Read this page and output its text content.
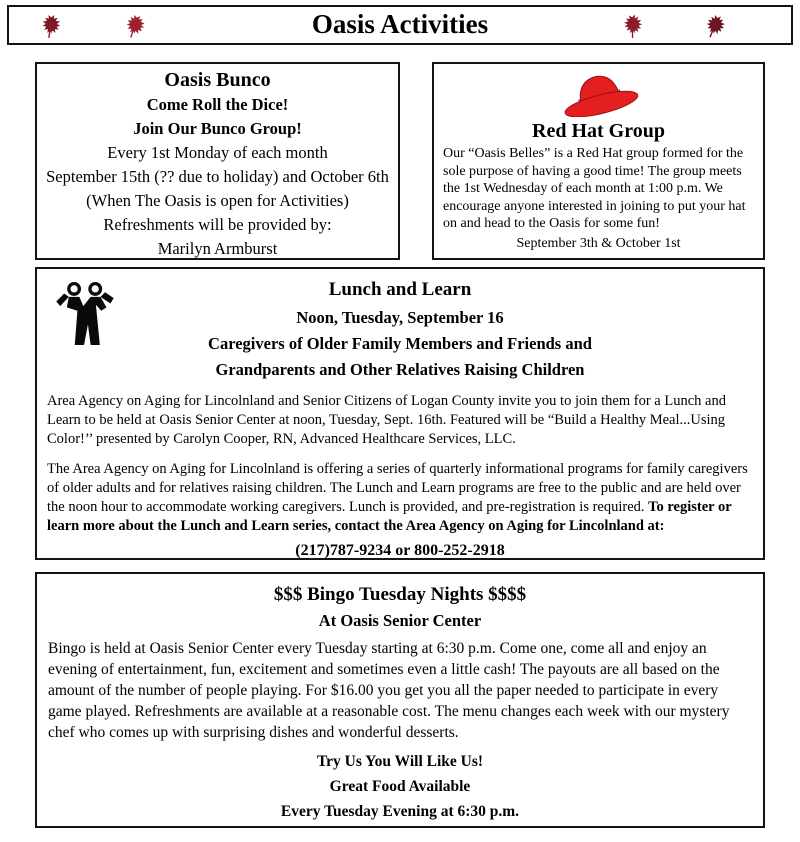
Oasis Activities
Oasis Bunco

Come Roll the Dice!

Join Our Bunco Group!

Every 1st Monday of each month

September 15th (?? due to holiday) and October 6th

(When The Oasis is open for Activities)

Refreshments will be provided by:

Marilyn Armburst

Red Hat Group

Our “Oasis Belles” is a Red Hat group formed for the sole purpose of having a good time! The group meets the 1st Wednesday of each month at 1:00 p.m. We encourage anyone interested in joining to put your hat on and head to the Oasis for some fun!

September 3th & October 1st

Lunch and Learn

Noon, Tuesday, September 16

Caregivers of Older Family Members and Friends and

Grandparents and Other Relatives Raising Children

Area Agency on Aging for Lincolnland and Senior Citizens of Logan County invite you to join them for a Lunch and Learn to be held at Oasis Senior Center at noon, Tuesday, Sept. 16th. Featured will be “Build a Healthy Meal...Using Color!’’ presented by Carolyn Cooper, RN, Advanced Healthcare Services, LLC.

The Area Agency on Aging for Lincolnland is offering a series of quarterly informational programs for family caregivers of older adults and for relatives raising children. The Lunch and Learn programs are free to the public and are held over the noon hour to accommodate working caregivers. Lunch is provided, and pre-registration is required. To register or learn more about the Lunch and Learn series, contact the Area Agency on Aging for Lincolnland at:

(217)787-9234 or 800-252-2918

$$$ Bingo Tuesday Nights $$$$

At Oasis Senior Center

Bingo is held at Oasis Senior Center every Tuesday starting at 6:30 p.m. Come one, come all and enjoy an evening of entertainment, fun, excitement and sometimes even a little cash! The payouts are all based on the amount of the number of people playing. For $16.00 you get you all the paper needed to participate in every game played. Refreshments are available at a reasonable cost. The menu changes each week with our mystery chef who comes up with surprising dishes and wonderful desserts.

Try Us You Will Like Us!

Great Food Available

Every Tuesday Evening at 6:30 p.m.
